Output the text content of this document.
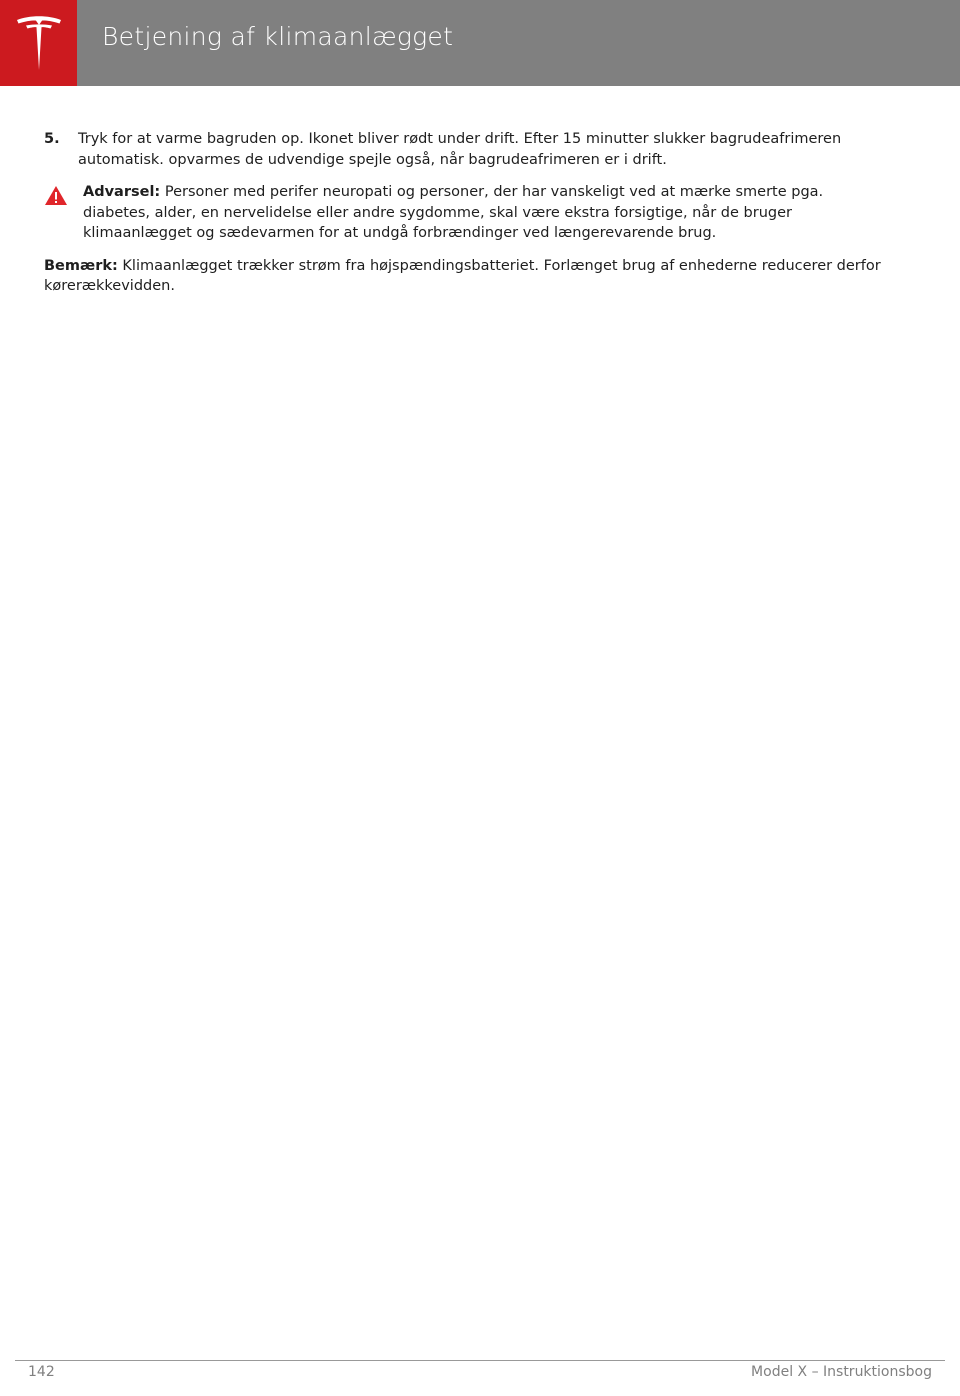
Betjening af klimaanlægget
5. Tryk for at varme bagruden op. Ikonet bliver rødt under drift. Efter 15 minutter slukker bagrudeafrimeren automatisk. opvarmes de udvendige spejle også, når bagrudeafrimeren er i drift.
Advarsel: Personer med perifer neuropati og personer, der har vanskeligt ved at mærke smerte pga. diabetes, alder, en nervelidelse eller andre sygdomme, skal være ekstra forsigtige, når de bruger klimaanlægget og sædevarmen for at undgå forbrændinger ved længerevarende brug.
Bemærk: Klimaanlægget trækker strøm fra højspændingsbatteriet. Forlænget brug af enhederne reducerer derfor kørerækkevidden.
142	Model X – Instruktionsbog
